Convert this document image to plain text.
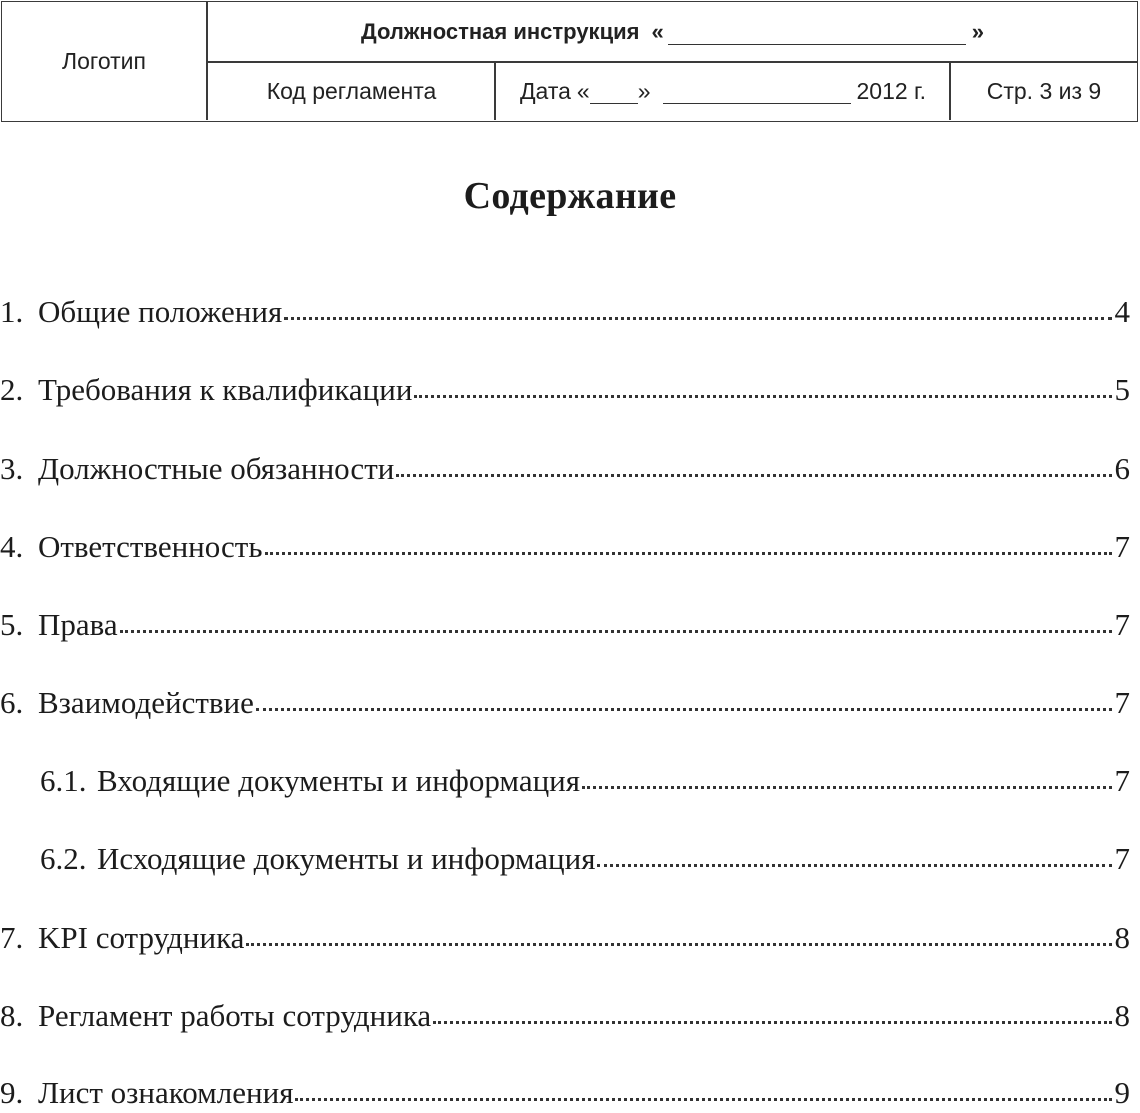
Логотип
Должностная инструкция «	»
Код регламента	Дата « »	2012 г.	Стр. 3 из 9
Содержание
1. Общие положения	4
2. Требования к квалификации	5
3. Должностные обязанности	6
4. Ответственность	7
5. Права	7
6. Взаимодействие	7
6.1. Входящие документы и информация	7
6.2. Исходящие документы и информация	7
7. KPI сотрудника	8
8. Регламент работы сотрудника	8
9. Лист ознакомления	9
